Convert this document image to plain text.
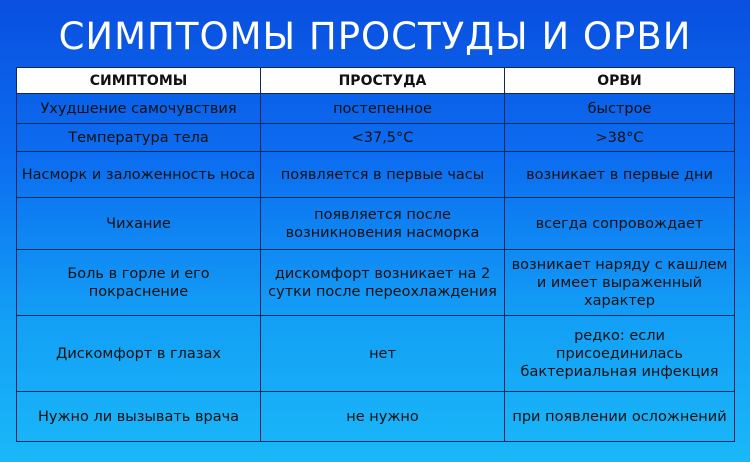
СИМПТОМЫ ПРОСТУДЫ И ОРВИ
СИМПТОМЫ	ПРОСТУДА	ОРВИ
Ухудшение самочувствия	постепенное	быстрое
Температура тела	<37,5°C	>38°C
Насморк и заложенность носа	появляется в первые часы	возникает в первые дни
Чихание	появляется после возникновения насморка	всегда сопровождает
Боль в горле и его покраснение	дискомфорт возникает на 2 сутки после переохлаждения	возникает наряду с кашлем и имеет выраженный характер
Дискомфорт в глазах	нет	редко: если присоединилась бактериальная инфекция
Нужно ли вызывать врача	не нужно	при появлении осложнений
